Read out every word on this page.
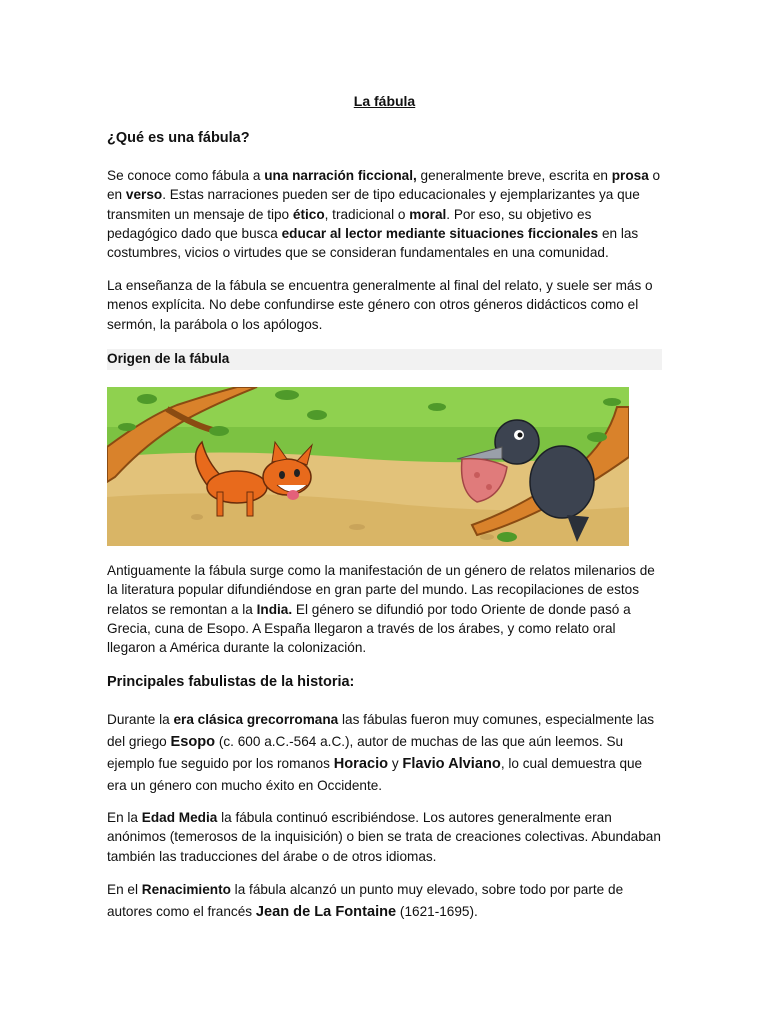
La fábula
¿Qué es una fábula?
Se conoce como fábula a una narración ficcional, generalmente breve, escrita en prosa o en verso. Estas narraciones pueden ser de tipo educacionales y ejemplarizantes ya que transmiten un mensaje de tipo ético, tradicional o moral. Por eso, su objetivo es pedagógico dado que busca educar al lector mediante situaciones ficcionales en las costumbres, vicios o virtudes que se consideran fundamentales en una comunidad.
La enseñanza de la fábula se encuentra generalmente al final del relato, y suele ser más o menos explícita. No debe confundirse este género con otros géneros didácticos como el sermón, la parábola o los apólogos.
Origen de la fábula
Antiguamente la fábula surge como la manifestación de un género de relatos milenarios de la literatura popular difundiéndose en gran parte del mundo. Las recopilaciones de estos relatos se remontan a la India. El género se difundió por todo Oriente de donde pasó a Grecia, cuna de Esopo. A España llegaron a través de los árabes, y como relato oral llegaron a América durante la colonización.
Principales fabulistas de la historia:
Durante la era clásica grecorromana las fábulas fueron muy comunes, especialmente las del griego Esopo (c. 600 a.C.-564 a.C.), autor de muchas de las que aún leemos. Su ejemplo fue seguido por los romanos Horacio y Flavio Alviano, lo cual demuestra que era un género con mucho éxito en Occidente.
En la Edad Media la fábula continuó escribiéndose. Los autores generalmente eran anónimos (temerosos de la inquisición) o bien se trata de creaciones colectivas. Abundaban también las traducciones del árabe o de otros idiomas.
En el Renacimiento la fábula alcanzó un punto muy elevado, sobre todo por parte de autores como el francés Jean de La Fontaine (1621-1695).
